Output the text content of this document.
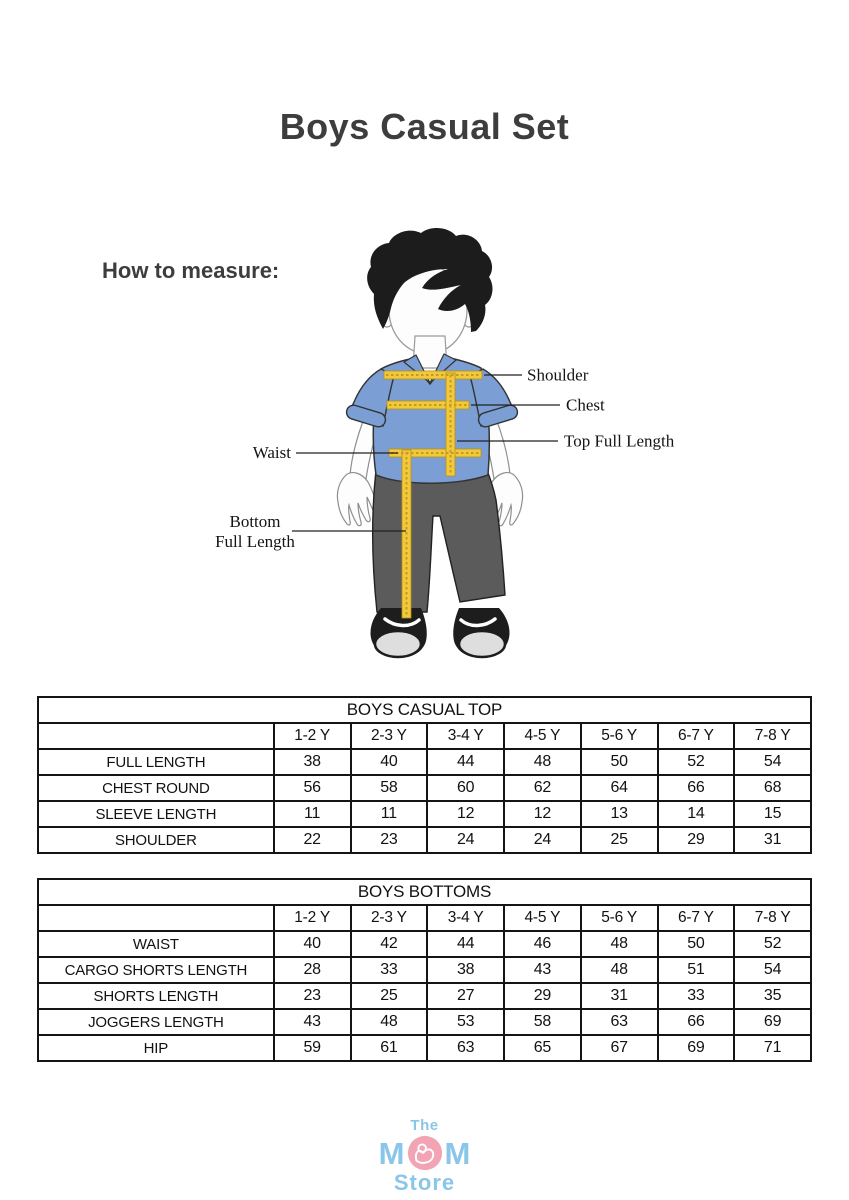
Boys Casual Set
How to measure:
Shoulder
Chest
Top Full Length
Waist
Bottom
Full Length
BOYS CASUAL TOP							
	1-2 Y	2-3 Y	3-4 Y	4-5 Y	5-6 Y	6-7 Y	7-8 Y
FULL LENGTH	38	40	44	48	50	52	54
CHEST ROUND	56	58	60	62	64	66	68
SLEEVE LENGTH	11	11	12	12	13	14	15
SHOULDER	22	23	24	24	25	29	31
BOYS BOTTOMS							
	1-2 Y	2-3 Y	3-4 Y	4-5 Y	5-6 Y	6-7 Y	7-8 Y
WAIST	40	42	44	46	48	50	52
CARGO SHORTS LENGTH	28	33	38	43	48	51	54
SHORTS LENGTH	23	25	27	29	31	33	35
JOGGERS LENGTH	43	48	53	58	63	66	69
HIP	59	61	63	65	67	69	71
The
M M
Store
